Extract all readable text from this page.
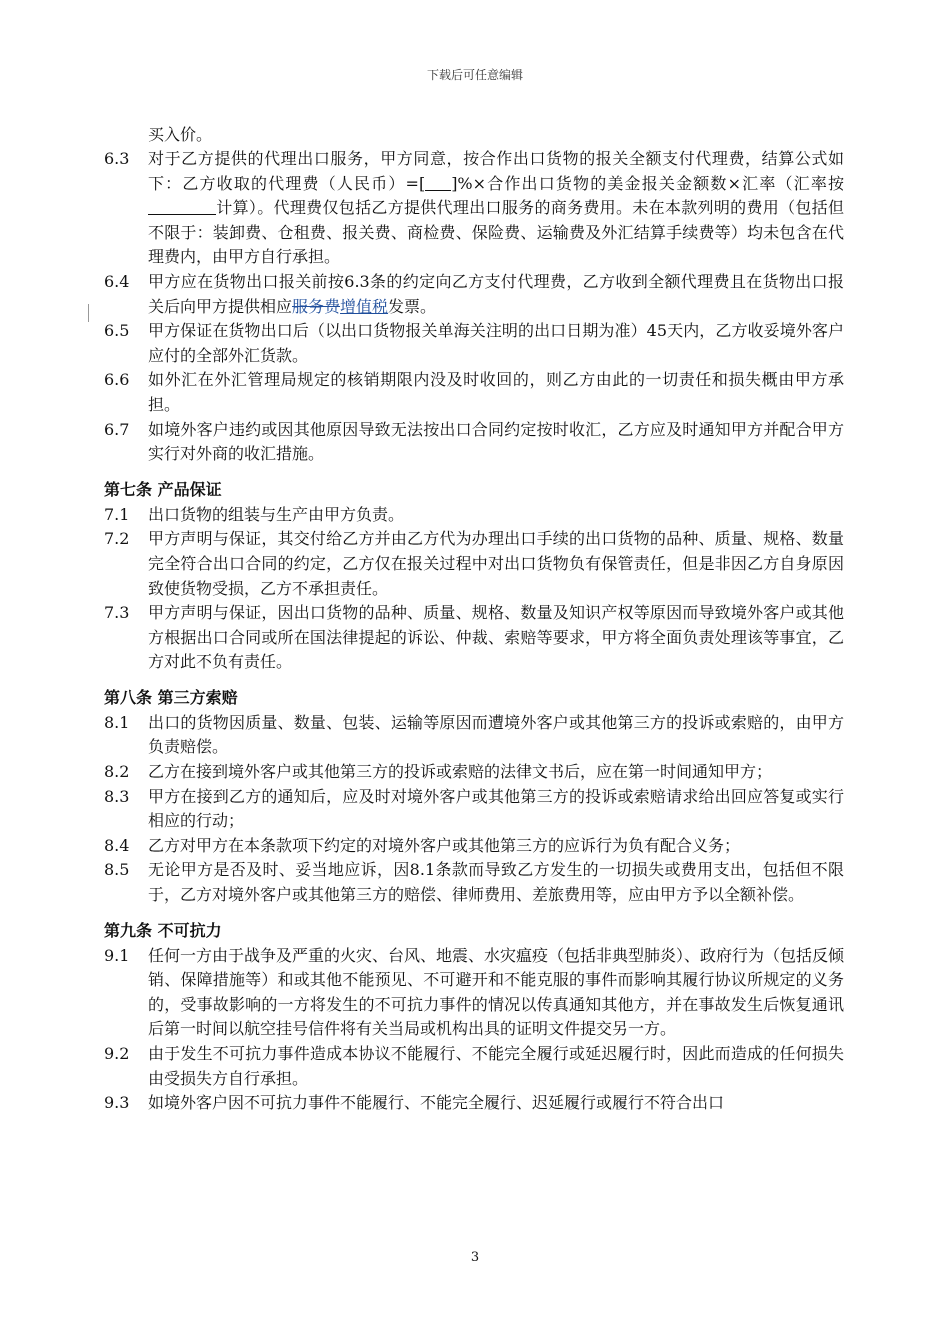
下载后可任意编辑
买入价。
6.3	对于乙方提供的代理出口服务，甲方同意，按合作出口货物的报关全额支付代理费，结算公式如下：乙方收取的代理费（人民币）=[ ]%×合作出口货物的美金报关金额数×汇率（汇率按计算）。代理费仅包括乙方提供代理出口服务的商务费用。未在本款列明的费用（包括但不限于：装卸费、仓租费、报关费、商检费、保险费、运输费及外汇结算手续费等）均未包含在代理费内，由甲方自行承担。
6.4	甲方应在货物出口报关前按6.3条的约定向乙方支付代理费，乙方收到全额代理费且在货物出口报关后向甲方提供相应服务费增值税发票。
6.5	甲方保证在货物出口后（以出口货物报关单海关注明的出口日期为准）45天内，乙方收妥境外客户应付的全部外汇货款。
6.6	如外汇在外汇管理局规定的核销期限内没及时收回的，则乙方由此的一切责任和损失概由甲方承担。
6.7	如境外客户违约或因其他原因导致无法按出口合同约定按时收汇，乙方应及时通知甲方并配合甲方实行对外商的收汇措施。
第七条 产品保证
7.1	出口货物的组装与生产由甲方负责。
7.2	甲方声明与保证，其交付给乙方并由乙方代为办理出口手续的出口货物的品种、质量、规格、数量完全符合出口合同的约定，乙方仅在报关过程中对出口货物负有保管责任，但是非因乙方自身原因致使货物受损，乙方不承担责任。
7.3	甲方声明与保证，因出口货物的品种、质量、规格、数量及知识产权等原因而导致境外客户或其他方根据出口合同或所在国法律提起的诉讼、仲裁、索赔等要求，甲方将全面负责处理该等事宜，乙方对此不负有责任。
第八条 第三方索赔
8.1	出口的货物因质量、数量、包装、运输等原因而遭境外客户或其他第三方的投诉或索赔的，由甲方负责赔偿。
8.2	乙方在接到境外客户或其他第三方的投诉或索赔的法律文书后，应在第一时间通知甲方；
8.3	甲方在接到乙方的通知后，应及时对境外客户或其他第三方的投诉或索赔请求给出回应答复或实行相应的行动；
8.4	乙方对甲方在本条款项下约定的对境外客户或其他第三方的应诉行为负有配合义务；
8.5	无论甲方是否及时、妥当地应诉，因8.1条款而导致乙方发生的一切损失或费用支出，包括但不限于，乙方对境外客户或其他第三方的赔偿、律师费用、差旅费用等，应由甲方予以全额补偿。
第九条 不可抗力
9.1	任何一方由于战争及严重的火灾、台风、地震、水灾瘟疫（包括非典型肺炎）、政府行为（包括反倾销、保障措施等）和或其他不能预见、不可避开和不能克服的事件而影响其履行协议所规定的义务的，受事故影响的一方将发生的不可抗力事件的情况以传真通知其他方，并在事故发生后恢复通讯后第一时间以航空挂号信件将有关当局或机构出具的证明文件提交另一方。
9.2	由于发生不可抗力事件造成本协议不能履行、不能完全履行或延迟履行时，因此而造成的任何损失由受损失方自行承担。
9.3	如境外客户因不可抗力事件不能履行、不能完全履行、迟延履行或履行不符合出口
3
